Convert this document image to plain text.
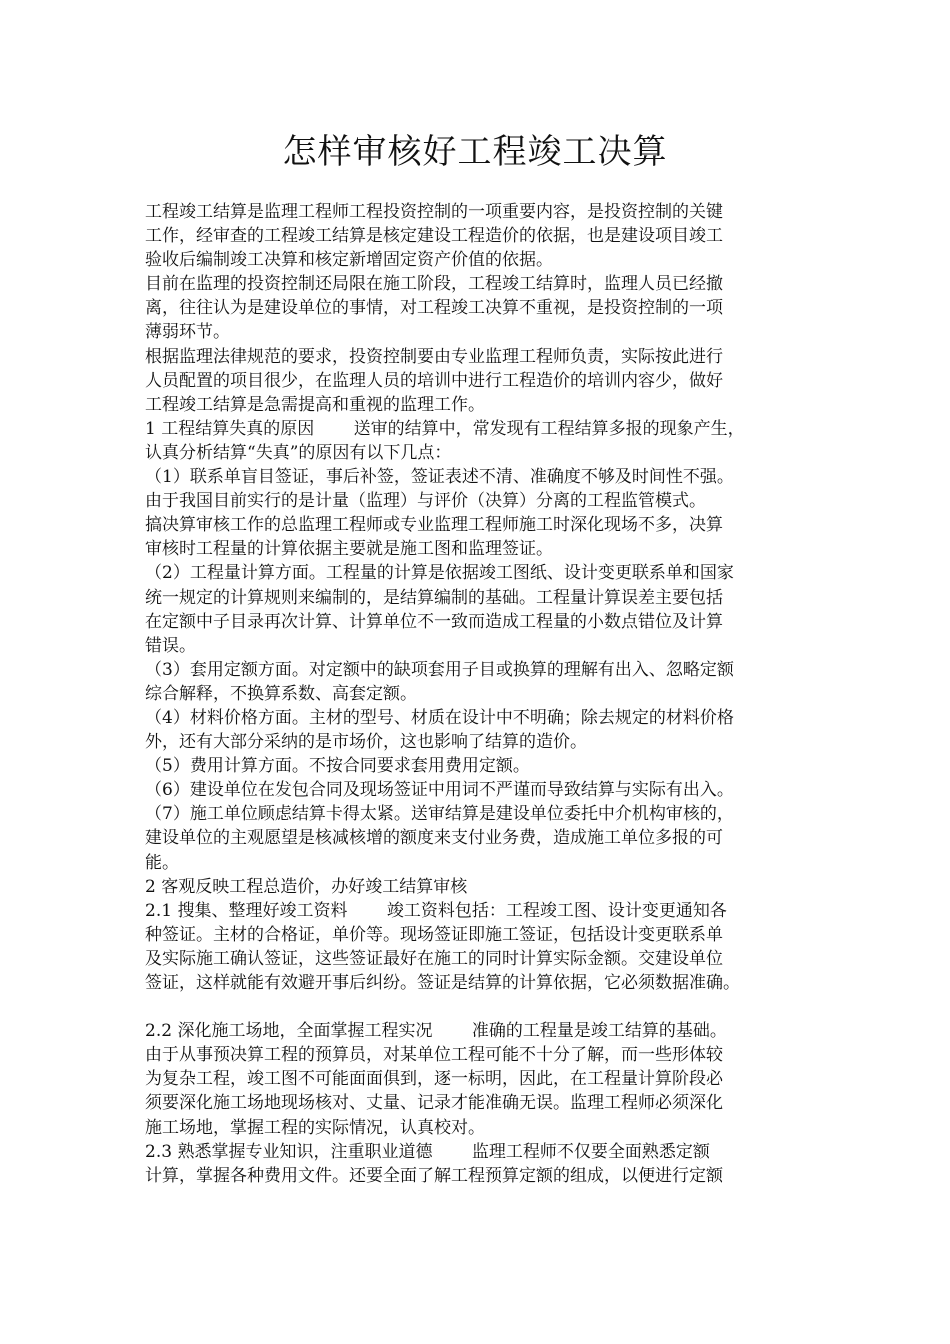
怎样审核好工程竣工决算
工程竣工结算是监理工程师工程投资控制的一项重要内容，是投资控制的关键
工作，经审查的工程竣工结算是核定建设工程造价的依据，也是建设项目竣工
验收后编制竣工决算和核定新增固定资产价值的依据。
目前在监理的投资控制还局限在施工阶段，工程竣工结算时，监理人员已经撤
离，往往认为是建设单位的事情，对工程竣工决算不重视，是投资控制的一项
薄弱环节。
根据监理法律规范的要求，投资控制要由专业监理工程师负责，实际按此进行
人员配置的项目很少，在监理人员的培训中进行工程造价的培训内容少，做好
工程竣工结算是急需提高和重视的监理工作。
1 工程结算失真的原因　　 送审的结算中，常发现有工程结算多报的现象产生，
认真分析结算“失真”的原因有以下几点：
（1）联系单盲目签证，事后补签，签证表述不清、准确度不够及时间性不强。
由于我国目前实行的是计量（监理）与评价（决算）分离的工程监管模式。
搞决算审核工作的总监理工程师或专业监理工程师施工时深化现场不多，决算
审核时工程量的计算依据主要就是施工图和监理签证。
（2）工程量计算方面。工程量的计算是依据竣工图纸、设计变更联系单和国家
统一规定的计算规则来编制的，是结算编制的基础。工程量计算误差主要包括
在定额中子目录再次计算、计算单位不一致而造成工程量的小数点错位及计算
错误。
（3）套用定额方面。对定额中的缺项套用子目或换算的理解有出入、忽略定额
综合解释，不换算系数、高套定额。
（4）材料价格方面。主材的型号、材质在设计中不明确；除去规定的材料价格
外，还有大部分采纳的是市场价，这也影响了结算的造价。
（5）费用计算方面。不按合同要求套用费用定额。
（6）建设单位在发包合同及现场签证中用词不严谨而导致结算与实际有出入。
（7）施工单位顾虑结算卡得太紧。送审结算是建设单位委托中介机构审核的，
建设单位的主观愿望是核减核增的额度来支付业务费，造成施工单位多报的可
能。
2 客观反映工程总造价，办好竣工结算审核
2.1 搜集、整理好竣工资料　　 竣工资料包括：工程竣工图、设计变更通知各
种签证。主材的合格证，单价等。现场签证即施工签证，包括设计变更联系单
及实际施工确认签证，这些签证最好在施工的同时计算实际金额。交建设单位
签证，这样就能有效避开事后纠纷。签证是结算的计算依据，它必须数据准确。
2.2 深化施工场地，全面掌握工程实况　　 准确的工程量是竣工结算的基础。
由于从事预决算工程的预算员，对某单位工程可能不十分了解，而一些形体较
为复杂工程，竣工图不可能面面俱到，逐一标明，因此，在工程量计算阶段必
须要深化施工场地现场核对、丈量、记录才能准确无误。监理工程师必须深化
施工场地，掌握工程的实际情况，认真校对。
2.3 熟悉掌握专业知识，注重职业道德　　 监理工程师不仅要全面熟悉定额
计算，掌握各种费用文件。还要全面了解工程预算定额的组成，以便进行定额
